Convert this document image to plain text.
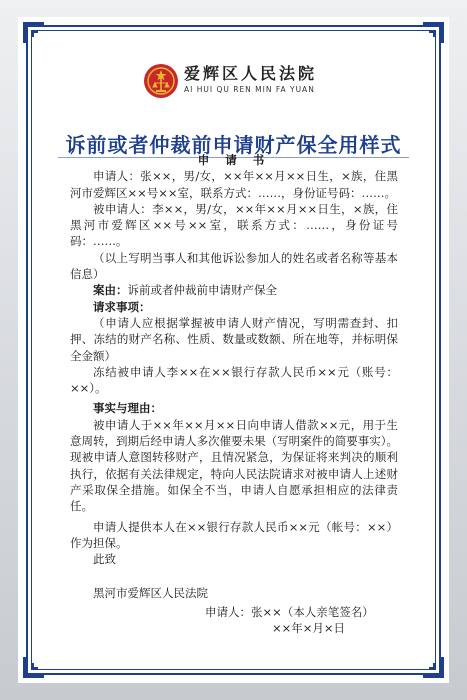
爱辉区人民法院
AI HUI QU REN MIN FA YUAN
诉前或者仲裁前申请财产保全用样式
申 请 书

申请人：张××，男/女，××年××月××日生，×族，住黑河市爱辉区××号××室，联系方式：……，身份证号码：……。

被申请人：李××，男/女，××年××月××日生，×族，住黑河市爱辉区××号××室，联系方式：……，身份证号码：……。

（以上写明当事人和其他诉讼参加人的姓名或者名称等基本信息）

案由：诉前或者仲裁前申请财产保全

请求事项：

（申请人应根据掌握被申请人财产情况，写明需查封、扣押、冻结的财产名称、性质、数量或数额、所在地等，并标明保全金额）

冻结被申请人李××在××银行存款人民币××元（账号：××）。

事实与理由：

被申请人于××年××月××日向申请人借款××元，用于生意周转，到期后经申请人多次催要未果（写明案件的简要事实）。现被申请人意图转移财产，且情况紧急，为保证将来判决的顺利执行，依据有关法律规定，特向人民法院请求对被申请人上述财产采取保全措施。如保全不当，申请人自愿承担相应的法律责任。

申请人提供本人在××银行存款人民币××元（帐号：××）作为担保。

此致

黑河市爱辉区人民法院

申请人：张××（本人亲笔签名）
××年×月×日
